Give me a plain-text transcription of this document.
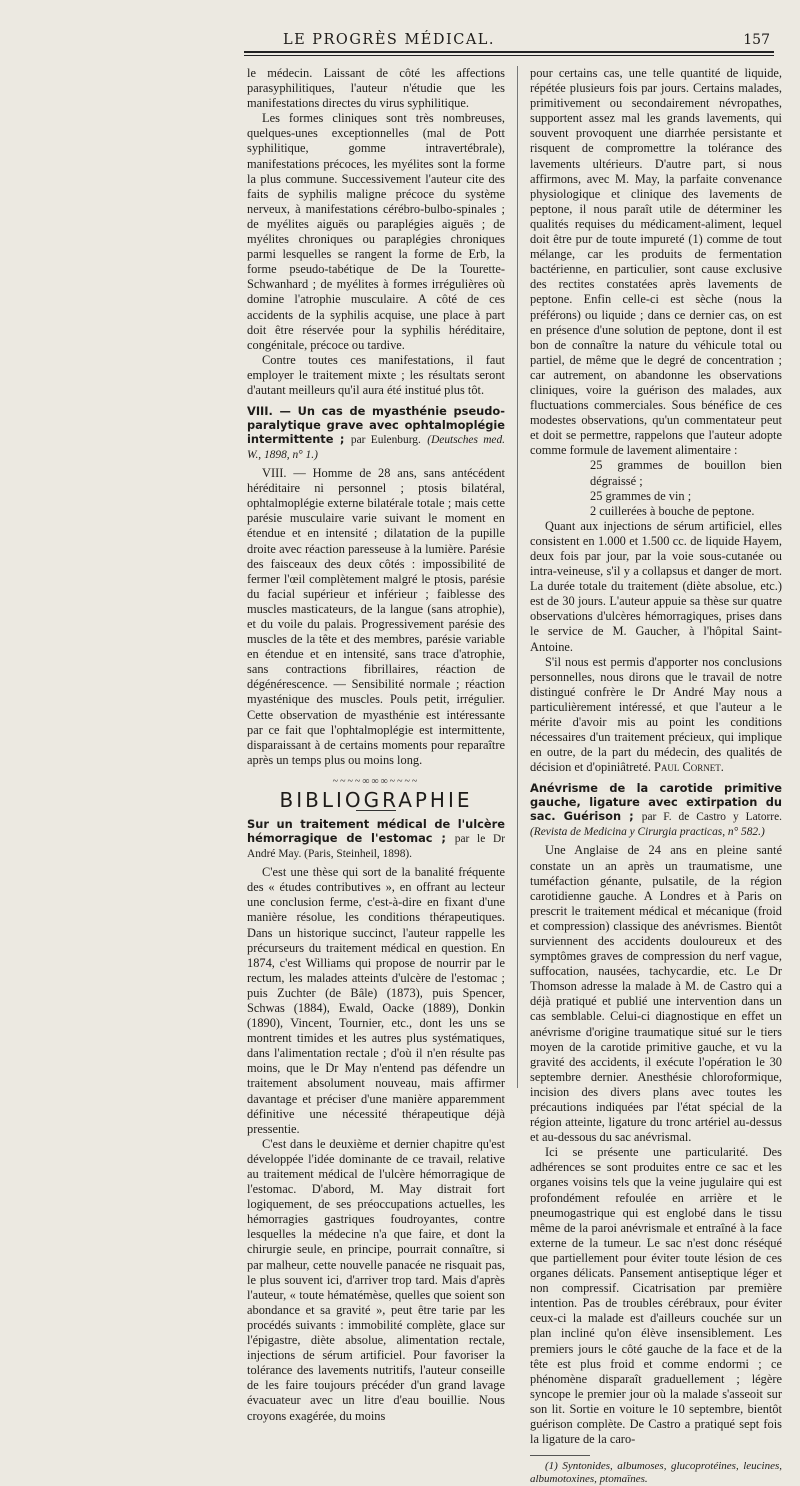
LE PROGRÈS MÉDICAL.	157

le médecin. Laissant de côté les affections parasyphilitiques, l'auteur n'étudie que les manifestations directes du virus syphilitique.

Les formes cliniques sont très nombreuses, quelques-unes exceptionnelles (mal de Pott syphilitique, gomme intravertébrale), manifestations précoces, les myélites sont la forme la plus commune. Successivement l'auteur cite des faits de syphilis maligne précoce du système nerveux, à manifestations cérébro-bulbo-spinales ; de myélites aiguës ou paraplégies aiguës ; de myélites chroniques ou paraplégies chroniques parmi lesquelles se rangent la forme de Erb, la forme pseudo-tabétique de De la Tourette-Schwanhard ; de myélites à formes irrégulières où domine l'atrophie musculaire. A côté de ces accidents de la syphilis acquise, une place à part doit être réservée pour la syphilis héréditaire, congénitale, précoce ou tardive.

Contre toutes ces manifestations, il faut employer le traitement mixte ; les résultats seront d'autant meilleurs qu'il aura été institué plus tôt.

VIII. — Un cas de myasthénie pseudo-paralytique grave avec ophtalmoplégie intermittente ; par Eulenburg. (Deutsches med. W., 1898, n° 1.)

VIII. — Homme de 28 ans, sans antécédent héréditaire ni personnel ; ptosis bilatéral, ophtalmoplégie externe bilatérale totale ; mais cette parésie musculaire varie suivant le moment en étendue et en intensité ; dilatation de la pupille droite avec réaction paresseuse à la lumière. Parésie des faisceaux des deux côtés : impossibilité de fermer l'œil complètement malgré le ptosis, parésie du facial supérieur et inférieur ; faiblesse des muscles masticateurs, de la langue (sans atrophie), et du voile du palais. Progressivement parésie des muscles de la tête et des membres, parésie variable en étendue et en intensité, sans trace d'atrophie, sans contractions fibrillaires, réaction de dégénérescence. — Sensibilité normale ; réaction myasténique des muscles. Pouls petit, irrégulier. Cette observation de myasthénie est intéressante par ce fait que l'ophtalmoplégie est intermittente, disparaissant à de certains moments pour reparaître après un temps plus ou moins long.

~~~~∞∞∞~~~~
BIBLIOGRAPHIE
Sur un traitement médical de l'ulcère hémorragique de l'estomac ; par le Dr André May. (Paris, Steinheil, 1898).

C'est une thèse qui sort de la banalité fréquente des « études contributives », en offrant au lecteur une conclusion ferme, c'est-à-dire en fixant d'une manière résolue, les conditions thérapeutiques. Dans un historique succinct, l'auteur rappelle les précurseurs du traitement médical en question. En 1874, c'est Williams qui propose de nourrir par le rectum, les malades atteints d'ulcère de l'estomac ; puis Zuchter (de Bâle) (1873), puis Spencer, Schwas (1884), Ewald, Oacke (1889), Donkin (1890), Vincent, Tournier, etc., dont les uns se montrent timides et les autres plus systématiques, dans l'alimentation rectale ; d'où il n'en résulte pas moins, que le Dr May n'entend pas défendre un traitement absolument nouveau, mais affirmer davantage et préciser d'une manière apparemment définitive une nécessité thérapeutique déjà pressentie.

C'est dans le deuxième et dernier chapitre qu'est développée l'idée dominante de ce travail, relative au traitement médical de l'ulcère hémorragique de l'estomac. D'abord, M. May distrait fort logiquement, de ses préoccupations actuelles, les hémorragies gastriques foudroyantes, contre lesquelles la médecine n'a que faire, et dont la chirurgie seule, en principe, pourrait connaître, si par malheur, cette nouvelle panacée ne risquait pas, le plus souvent ici, d'arriver trop tard. Mais d'après l'auteur, « toute hématémèse, quelles que soient son abondance et sa gravité », peut être tarie par les procédés suivants : immobilité complète, glace sur l'épigastre, diète absolue, alimentation rectale, injections de sérum artificiel. Pour favoriser la tolérance des lavements nutritifs, l'auteur conseille de les faire toujours précéder d'un grand lavage évacuateur avec un litre d'eau bouillie. Nous croyons exagérée, du moins

pour certains cas, une telle quantité de liquide, répétée plusieurs fois par jours. Certains malades, primitivement ou secondairement névropathes, supportent assez mal les grands lavements, qui souvent provoquent une diarrhée persistante et risquent de compromettre la tolérance des lavements ultérieurs. D'autre part, si nous affirmons, avec M. May, la parfaite convenance physiologique et clinique des lavements de peptone, il nous paraît utile de déterminer les qualités requises du médicament-aliment, lequel doit être pur de toute impureté (1) comme de tout mélange, car les produits de fermentation bactérienne, en particulier, sont cause exclusive des rectites constatées après lavements de peptone. Enfin celle-ci est sèche (nous la préférons) ou liquide ; dans ce dernier cas, on est en présence d'une solution de peptone, dont il est bon de connaître la nature du véhicule total ou partiel, de même que le degré de concentration ; car autrement, on abandonne les observations cliniques, voire la guérison des malades, aux fluctuations commerciales. Sous bénéfice de ces modestes observations, qu'un commentateur peut et doit se permettre, rappelons que l'auteur adopte comme formule de lavement alimentaire :

25 grammes de bouillon bien dégraissé ;

25 grammes de vin ;

2 cuillerées à bouche de peptone.

Quant aux injections de sérum artificiel, elles consistent en 1.000 et 1.500 cc. de liquide Hayem, deux fois par jour, par la voie sous-cutanée ou intra-veineuse, s'il y a collapsus et danger de mort. La durée totale du traitement (diète absolue, etc.) est de 30 jours. L'auteur appuie sa thèse sur quatre observations d'ulcères hémorragiques, prises dans le service de M. Gaucher, à l'hôpital Saint-Antoine.

S'il nous est permis d'apporter nos conclusions personnelles, nous dirons que le travail de notre distingué confrère le Dr André May nous a particulièrement intéressé, et que l'auteur a le mérite d'avoir mis au point les conditions nécessaires d'un traitement précieux, qui implique en outre, de la part du médecin, des qualités de décision et d'opiniâtreté. Paul Cornet.

Anévrisme de la carotide primitive gauche, ligature avec extirpation du sac. Guérison ; par F. de Castro y Latorre. (Revista de Medicina y Cirurgia practicas, n° 582.)

Une Anglaise de 24 ans en pleine santé constate un an après un traumatisme, une tuméfaction génante, pulsatile, de la région carotidienne gauche. A Londres et à Paris on prescrit le traitement médical et mécanique (froid et compression) classique des anévrismes. Bientôt surviennent des accidents douloureux et des symptômes graves de compression du nerf vague, suffocation, nausées, tachycardie, etc. Le Dr Thomson adresse la malade à M. de Castro qui a déjà pratiqué et publié une intervention dans un cas semblable. Celui-ci diagnostique en effet un anévrisme d'origine traumatique situé sur le tiers moyen de la carotide primitive gauche, et vu la gravité des accidents, il exécute l'opération le 30 septembre dernier. Anesthésie chloroformique, incision des divers plans avec toutes les précautions indiquées par l'état spécial de la région atteinte, ligature du tronc artériel au-dessus et au-dessous du sac anévrismal.

Ici se présente une particularité. Des adhérences se sont produites entre ce sac et les organes voisins tels que la veine jugulaire qui est profondément refoulée en arrière et le pneumogastrique qui est englobé dans le tissu même de la paroi anévrismale et entraîné à la face externe de la tumeur. Le sac n'est donc réséqué que partiellement pour éviter toute lésion de ces organes délicats. Pansement antiseptique léger et non compressif. Cicatrisation par première intention. Pas de troubles cérébraux, pour éviter ceux-ci la malade est d'ailleurs couchée sur un plan incliné qu'on élève insensiblement. Les premiers jours le côté gauche de la face et de la tête est plus froid et comme endormi ; ce phénomène disparaît graduellement ; légère syncope le premier jour où la malade s'asseoit sur son lit. Sortie en voiture le 10 septembre, bientôt guérison complète. De Castro a pratiqué sept fois la ligature de la caro-

(1) Syntonides, albumoses, glucoprotéines, leucines, albumotoxines, ptomaïnes.
